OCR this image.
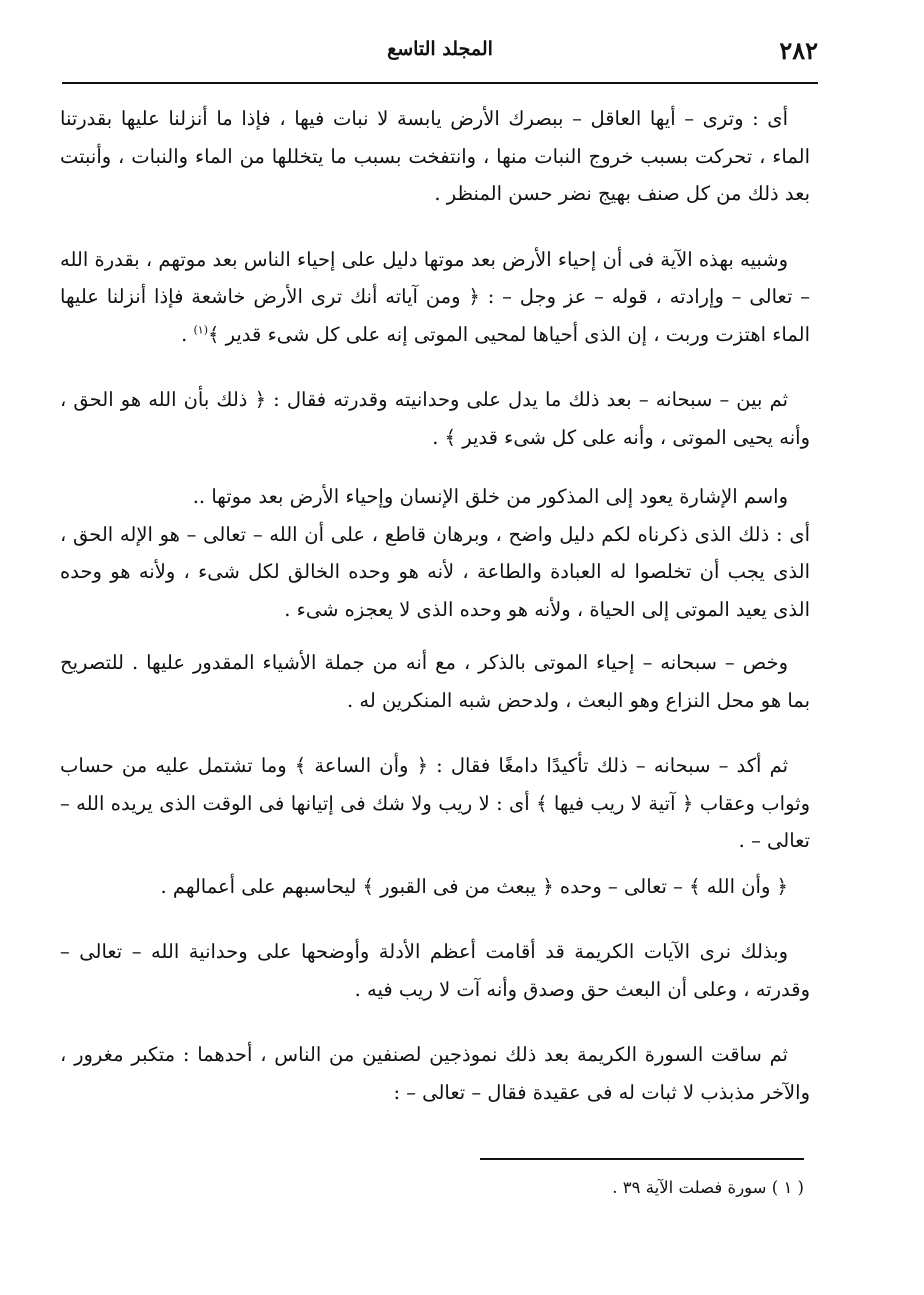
٢٨٢
المجلد التاسع

أى : وترى – أيها العاقل – ببصرك الأرض يابسة لا نبات فيها ، فإذا ما أنزلنا عليها بقدرتنا الماء ، تحركت بسبب خروج النبات منها ، وانتفخت بسبب ما يتخللها من الماء والنبات ، وأنبتت بعد ذلك من كل صنف بهيج نضر حسن المنظر .

وشبيه بهذه الآية فى أن إحياء الأرض بعد موتها دليل على إحياء الناس بعد موتهم ، بقدرة الله – تعالى – وإرادته ، قوله – عز وجل – : ﴿ ومن آياته أنك ترى الأرض خاشعة فإذا أنزلنا عليها الماء اهتزت وربت ، إن الذى أحياها لمحيى الموتى إنه على كل شىء قدير ﴾$^{(١)}$ .

ثم بين – سبحانه – بعد ذلك ما يدل على وحدانيته وقدرته فقال : ﴿ ذلك بأن الله هو الحق ، وأنه يحيى الموتى ، وأنه على كل شىء قدير ﴾ .

واسم الإشارة يعود إلى المذكور من خلق الإنسان وإحياء الأرض بعد موتها ..

أى : ذلك الذى ذكرناه لكم دليل واضح ، وبرهان قاطع ، على أن الله – تعالى – هو الإله الحق ، الذى يجب أن تخلصوا له العبادة والطاعة ، لأنه هو وحده الخالق لكل شىء ، ولأنه هو وحده الذى يعيد الموتى إلى الحياة ، ولأنه هو وحده الذى لا يعجزه شىء .

وخص – سبحانه – إحياء الموتى بالذكر ، مع أنه من جملة الأشياء المقدور عليها . للتصريح بما هو محل النزاع وهو البعث ، ولدحض شبه المنكرين له .

ثم أكد – سبحانه – ذلك تأكيدًا دامغًا فقال : ﴿ وأن الساعة ﴾ وما تشتمل عليه من حساب وثواب وعقاب ﴿ آتية لا ريب فيها ﴾ أى : لا ريب ولا شك فى إتيانها فى الوقت الذى يريده الله – تعالى – .

﴿ وأن الله ﴾ – تعالى – وحده ﴿ يبعث من فى القبور ﴾ ليحاسبهم على أعمالهم .

وبذلك نرى الآيات الكريمة قد أقامت أعظم الأدلة وأوضحها على وحدانية الله – تعالى – وقدرته ، وعلى أن البعث حق وصدق وأنه آت لا ريب فيه .

ثم ساقت السورة الكريمة بعد ذلك نموذجين لصنفين من الناس ، أحدهما : متكبر مغرور ، والآخر مذبذب لا ثبات له فى عقيدة فقال – تعالى – :

( ١ ) سورة فصلت الآية ٣٩ .
